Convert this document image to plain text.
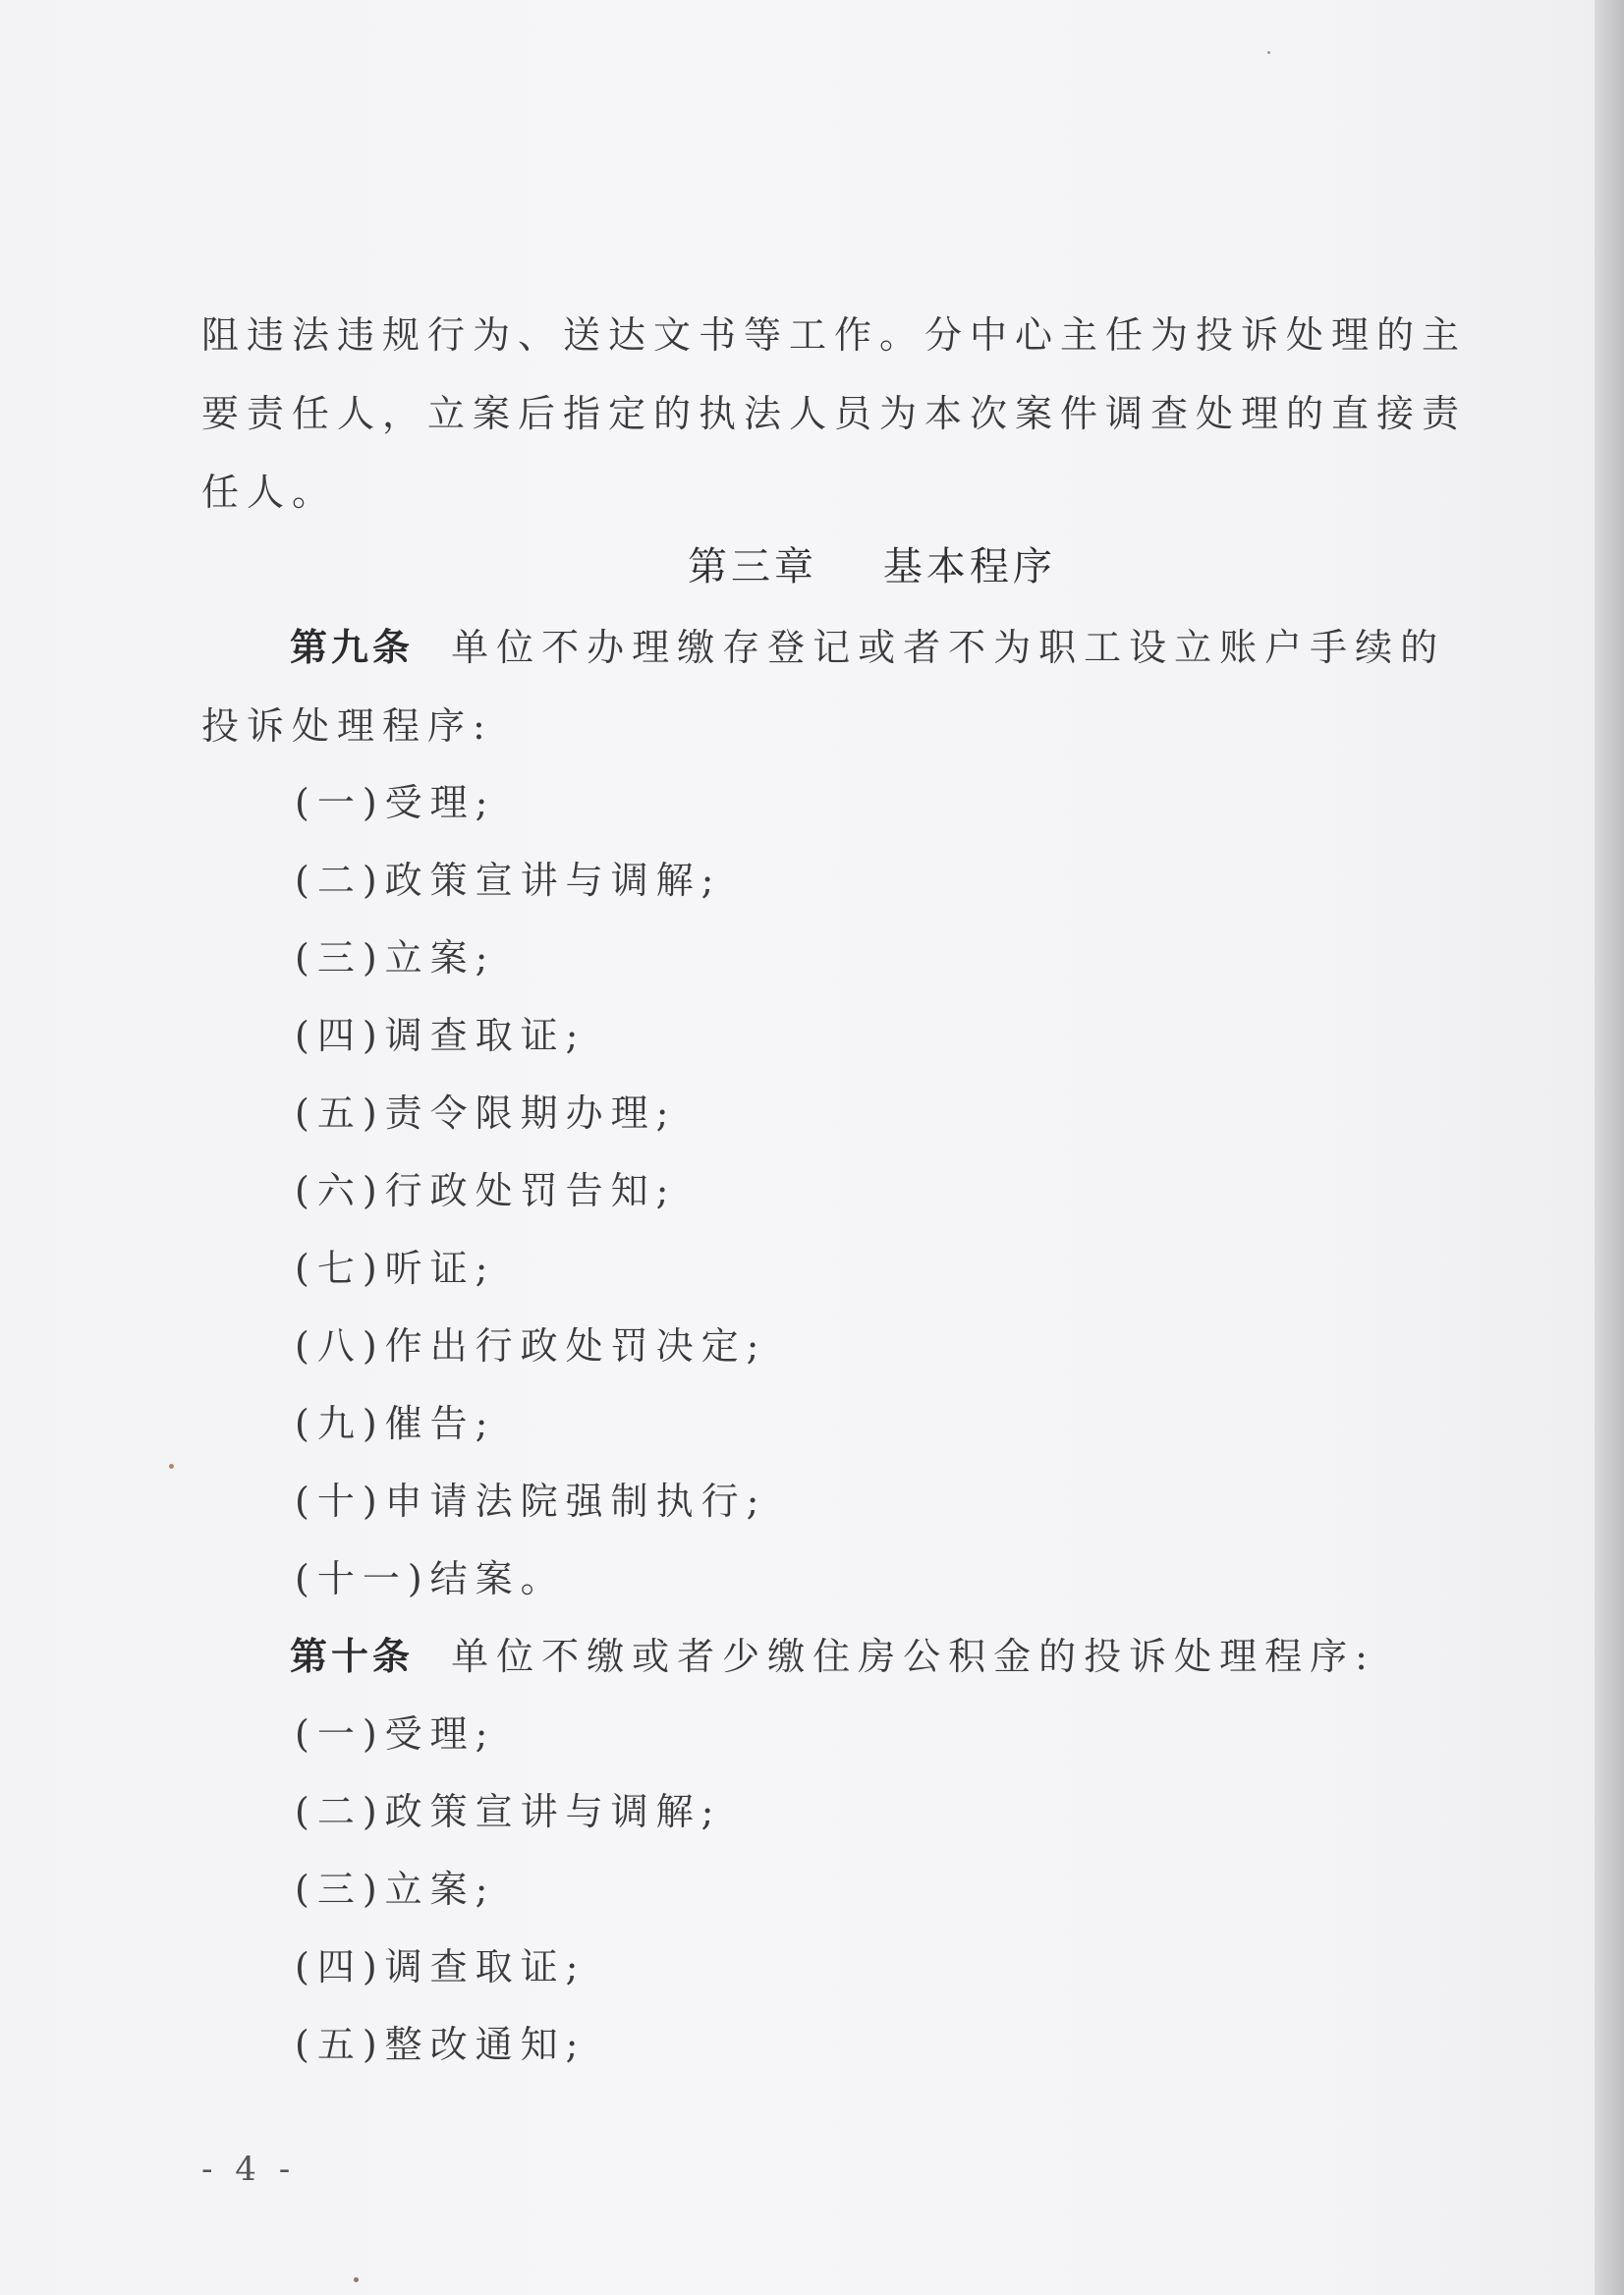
阻违法违规行为、送达文书等工作。分中心主任为投诉处理的主
要责任人，立案后指定的执法人员为本次案件调查处理的直接责
任人。
第九条 单位不办理缴存登记或者不为职工设立账户手续的
投诉处理程序:
(一)受理;
(二)政策宣讲与调解;
(三)立案;
(四)调查取证;
(五)责令限期办理;
(六)行政处罚告知;
(七)听证;
(八)作出行政处罚决定;
(九)催告;
(十)申请法院强制执行;
(十一)结案。
第十条 单位不缴或者少缴住房公积金的投诉处理程序:
(一)受理;
(二)政策宣讲与调解;
(三)立案;
(四)调查取证;
(五)整改通知;
第三章    基本程序
- 4 -
